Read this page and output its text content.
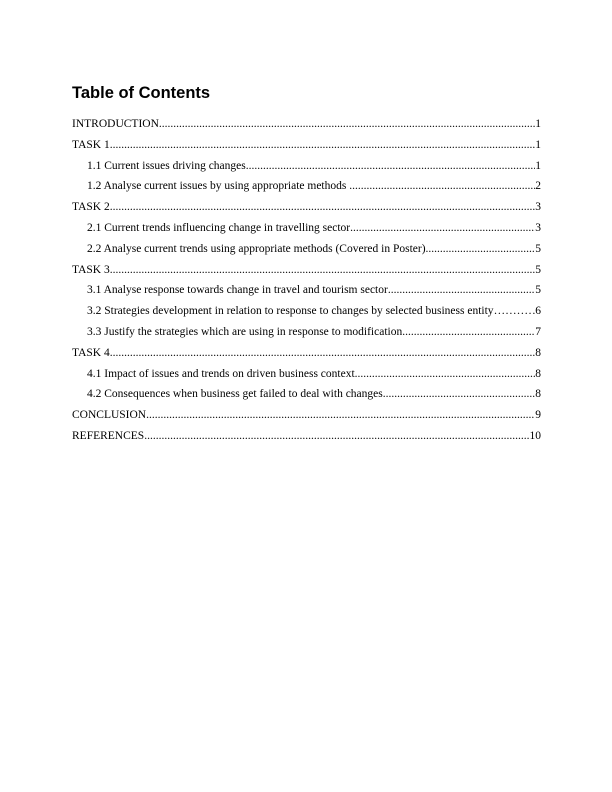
Table of Contents
INTRODUCTION .....	1
TASK 1 .....	1
1.1 Current issues driving changes .....	1
1.2 Analyse current issues by using appropriate methods .....	2
TASK 2 .....	3
2.1 Current trends influencing change in travelling sector .....	3
2.2 Analyse current trends using appropriate methods (Covered in Poster) .....	5
TASK 3 .....	5
3.1 Analyse response towards change in travel and tourism sector .....	5
3.2 Strategies development in relation to response to changes by selected business entity ……………………	6
3.3 Justify the strategies which are using in response to modification .....	7
TASK 4 .....	8
4.1 Impact of issues and trends on driven business context .....	8
4.2 Consequences when business get failed to deal with changes .....	8
CONCLUSION .....	9
REFERENCES .....	10
